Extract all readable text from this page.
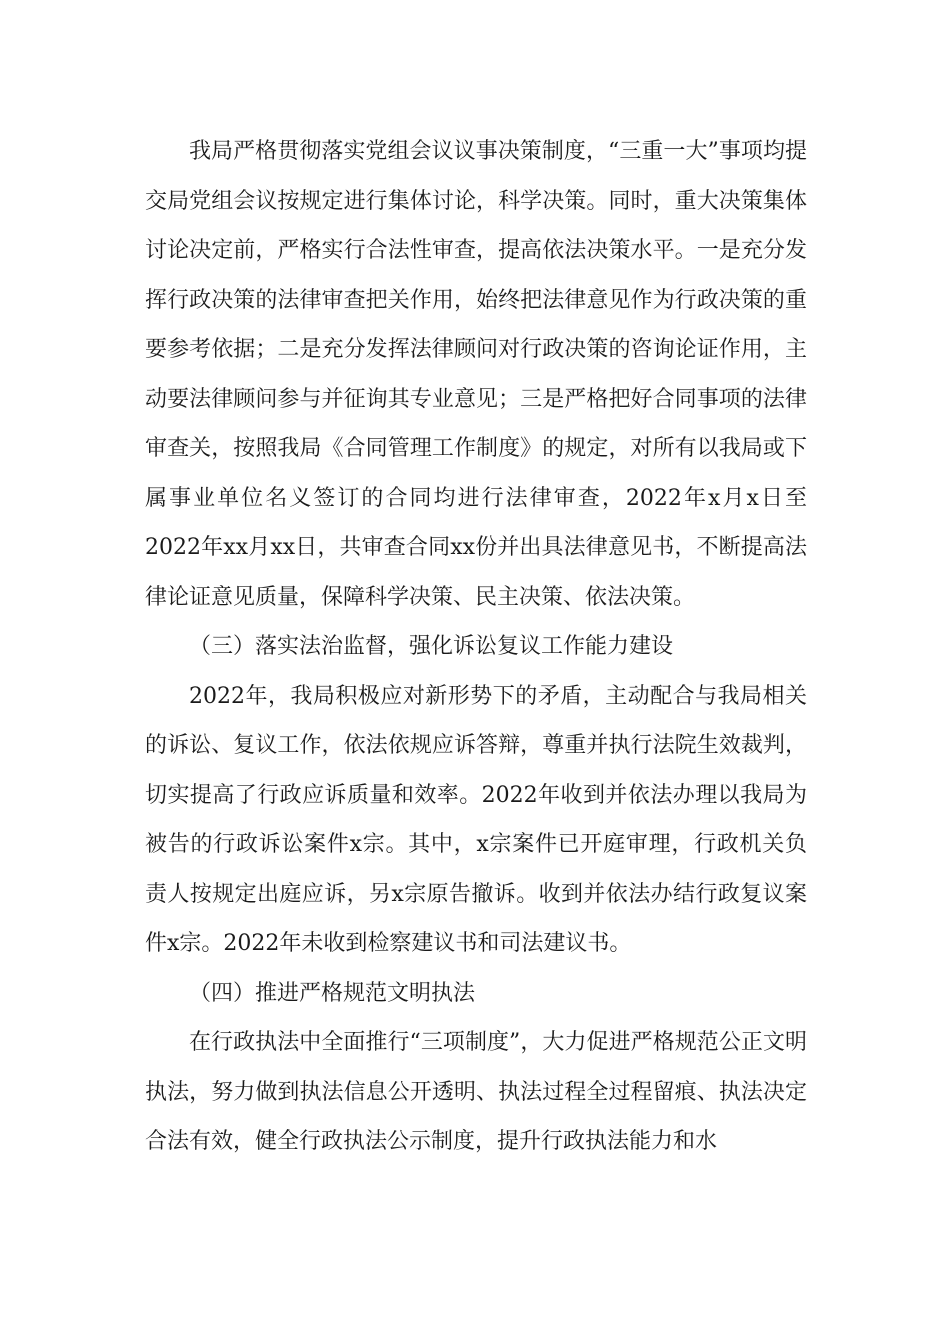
我局严格贯彻落实党组会议议事决策制度，“三重一大”事项均提交局党组会议按规定进行集体讨论，科学决策。同时，重大决策集体讨论决定前，严格实行合法性审查，提高依法决策水平。一是充分发挥行政决策的法律审查把关作用，始终把法律意见作为行政决策的重要参考依据；二是充分发挥法律顾问对行政决策的咨询论证作用，主动要法律顾问参与并征询其专业意见；三是严格把好合同事项的法律审查关，按照我局《合同管理工作制度》的规定，对所有以我局或下属事业单位名义签订的合同均进行法律审查，2022年x月x日至2022年xx月xx日，共审查合同xx份并出具法律意见书，不断提高法律论证意见质量，保障科学决策、民主决策、依法决策。

（三）落实法治监督，强化诉讼复议工作能力建设

2022年，我局积极应对新形势下的矛盾，主动配合与我局相关的诉讼、复议工作，依法依规应诉答辩，尊重并执行法院生效裁判，切实提高了行政应诉质量和效率。2022年收到并依法办理以我局为被告的行政诉讼案件x宗。其中，x宗案件已开庭审理，行政机关负责人按规定出庭应诉，另x宗原告撤诉。收到并依法办结行政复议案件x宗。2022年未收到检察建议书和司法建议书。

（四）推进严格规范文明执法

在行政执法中全面推行“三项制度”，大力促进严格规范公正文明执法，努力做到执法信息公开透明、执法过程全过程留痕、执法决定合法有效，健全行政执法公示制度，提升行政执法能力和水
